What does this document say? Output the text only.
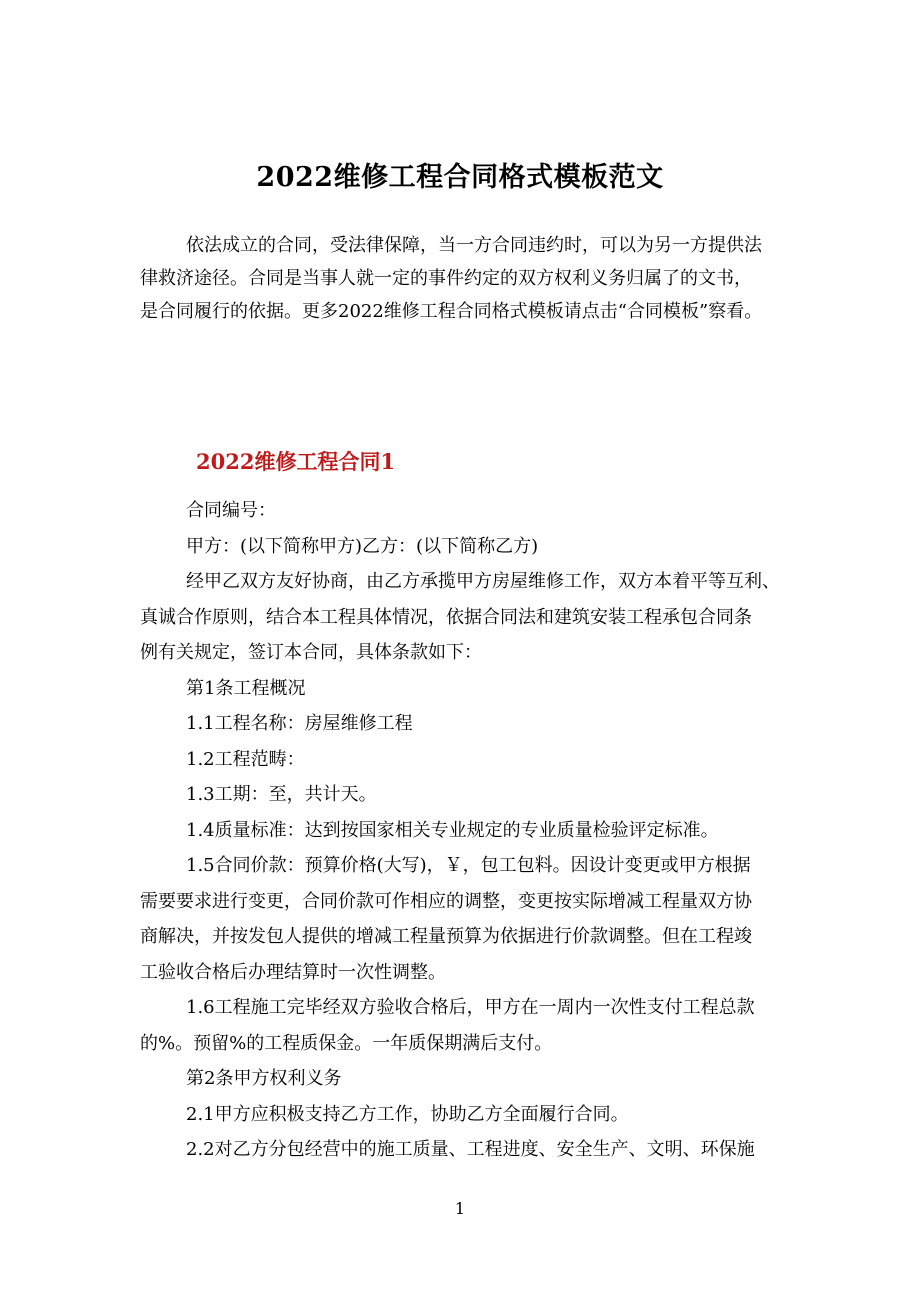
2022维修工程合同格式模板范文
依法成立的合同，受法律保障，当一方合同违约时，可以为另一方提供法
律救济途径。合同是当事人就一定的事件约定的双方权利义务归属了的文书，
是合同履行的依据。更多2022维修工程合同格式模板请点击“合同模板”察看。
2022维修工程合同1
合同编号：
甲方：(以下简称甲方)乙方：(以下简称乙方)
经甲乙双方友好协商，由乙方承揽甲方房屋维修工作，双方本着平等互利、
真诚合作原则，结合本工程具体情况，依据合同法和建筑安装工程承包合同条
例有关规定，签订本合同，具体条款如下：
第1条工程概况
1.1工程名称：房屋维修工程
1.2工程范畴：
1.3工期：至，共计天。
1.4质量标准：达到按国家相关专业规定的专业质量检验评定标准。
1.5合同价款：预算价格(大写)，￥，包工包料。因设计变更或甲方根据
需要要求进行变更，合同价款可作相应的调整，变更按实际增减工程量双方协
商解决，并按发包人提供的增减工程量预算为依据进行价款调整。但在工程竣
工验收合格后办理结算时一次性调整。
1.6工程施工完毕经双方验收合格后，甲方在一周内一次性支付工程总款
的%。预留%的工程质保金。一年质保期满后支付。
第2条甲方权利义务
2.1甲方应积极支持乙方工作，协助乙方全面履行合同。
2.2对乙方分包经营中的施工质量、工程进度、安全生产、文明、环保施
1
